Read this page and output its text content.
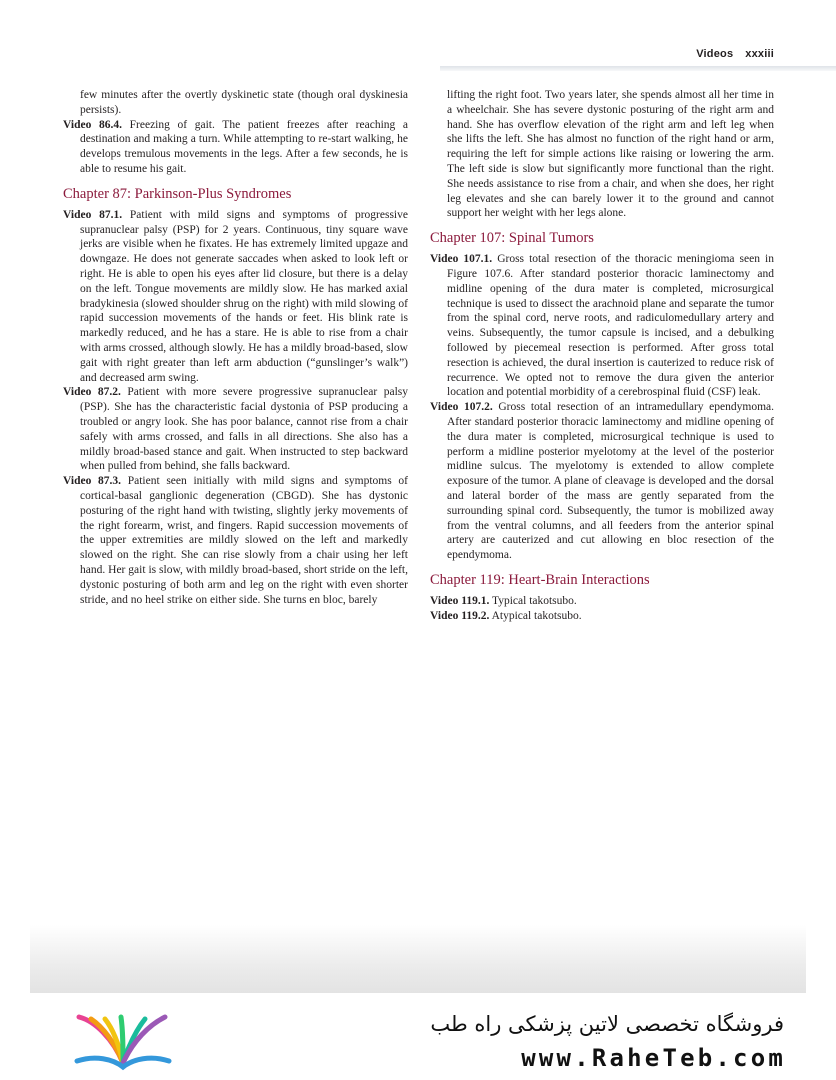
Videos xxxiii

few minutes after the overtly dyskinetic state (though oral dyskinesia persists).

Video 86.4. Freezing of gait. The patient freezes after reaching a destination and making a turn. While attempting to re-start walking, he develops tremulous movements in the legs. After a few seconds, he is able to resume his gait.

Chapter 87: Parkinson-Plus Syndromes

Video 87.1. Patient with mild signs and symptoms of progressive supranuclear palsy (PSP) for 2 years. Continuous, tiny square wave jerks are visible when he fixates. He has extremely limited upgaze and downgaze. He does not generate saccades when asked to look left or right. He is able to open his eyes after lid closure, but there is a delay on the left. Tongue movements are mildly slow. He has marked axial bradykinesia (slowed shoulder shrug on the right) with mild slowing of rapid succession movements of the hands or feet. His blink rate is markedly reduced, and he has a stare. He is able to rise from a chair with arms crossed, although slowly. He has a mildly broad-based, slow gait with right greater than left arm abduction (“gunslinger’s walk”) and decreased arm swing.

Video 87.2. Patient with more severe progressive supranuclear palsy (PSP). She has the characteristic facial dystonia of PSP producing a troubled or angry look. She has poor balance, cannot rise from a chair safely with arms crossed, and falls in all directions. She also has a mildly broad-based stance and gait. When instructed to step backward when pulled from behind, she falls backward.

Video 87.3. Patient seen initially with mild signs and symptoms of cortical-basal ganglionic degeneration (CBGD). She has dystonic posturing of the right hand with twisting, slightly jerky movements of the right forearm, wrist, and fingers. Rapid succession movements of the upper extremities are mildly slowed on the left and markedly slowed on the right. She can rise slowly from a chair using her left hand. Her gait is slow, with mildly broad-based, short stride on the left, dystonic posturing of both arm and leg on the right with even shorter stride, and no heel strike on either side. She turns en bloc, barely

lifting the right foot. Two years later, she spends almost all her time in a wheelchair. She has severe dystonic posturing of the right arm and hand. She has overflow elevation of the right arm and left leg when she lifts the left. She has almost no function of the right hand or arm, requiring the left for simple actions like raising or lowering the arm. The left side is slow but significantly more functional than the right. She needs assistance to rise from a chair, and when she does, her right leg elevates and she can barely lower it to the ground and cannot support her weight with her legs alone.

Chapter 107: Spinal Tumors

Video 107.1. Gross total resection of the thoracic meningioma seen in Figure 107.6. After standard posterior thoracic laminectomy and midline opening of the dura mater is completed, microsurgical technique is used to dissect the arachnoid plane and separate the tumor from the spinal cord, nerve roots, and radiculomedullary artery and veins. Subsequently, the tumor capsule is incised, and a debulking followed by piecemeal resection is performed. After gross total resection is achieved, the dural insertion is cauterized to reduce risk of recurrence. We opted not to remove the dura given the anterior location and potential morbidity of a cerebrospinal fluid (CSF) leak.

Video 107.2. Gross total resection of an intramedullary ependymoma. After standard posterior thoracic laminectomy and midline opening of the dura mater is completed, microsurgical technique is used to perform a midline posterior myelotomy at the level of the posterior midline sulcus. The myelotomy is extended to allow complete exposure of the tumor. A plane of cleavage is developed and the dorsal and lateral border of the mass are gently separated from the surrounding spinal cord. Subsequently, the tumor is mobilized away from the ventral columns, and all feeders from the anterior spinal artery are cauterized and cut allowing en bloc resection of the ependymoma.

Chapter 119: Heart-Brain Interactions

Video 119.1. Typical takotsubo.

Video 119.2. Atypical takotsubo.

فروشگاه تخصصی لاتین پزشکی راه طب
www.RaheTeb.com
